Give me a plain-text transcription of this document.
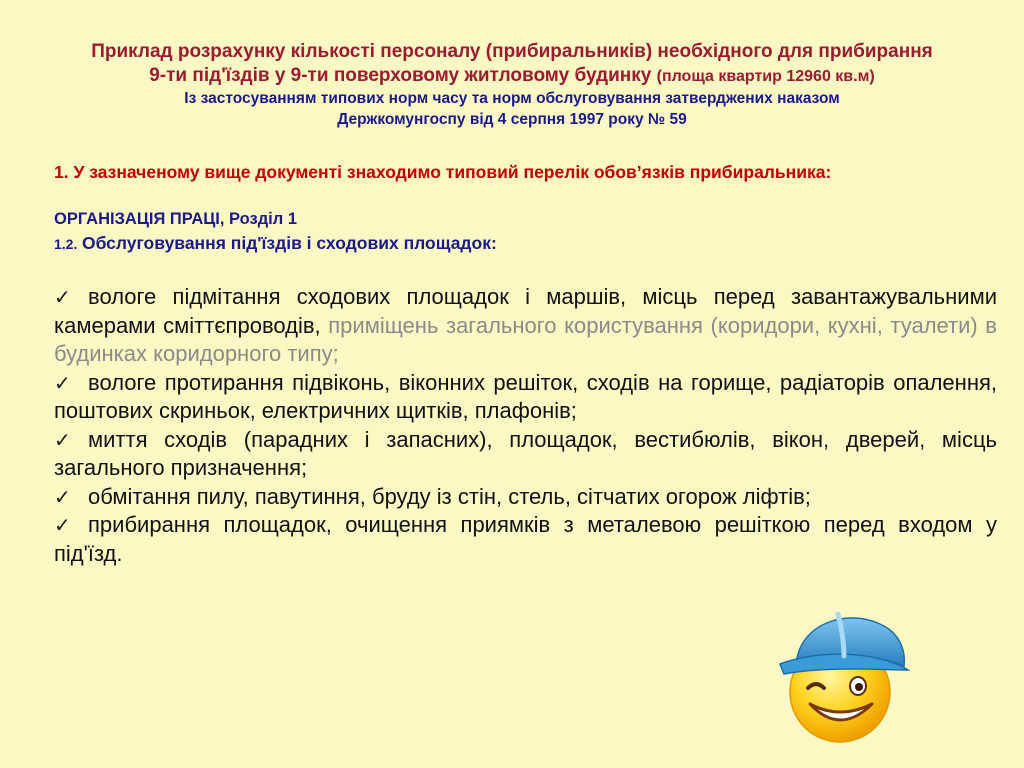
Приклад розрахунку кількості персоналу (прибиральників) необхідного для прибирання
9-ти під'їздів у 9-ти поверховому житловому будинку (площа квартир 12960 кв.м)
Із застосуванням типових норм часу та норм обслуговування затверджених наказом
Держкомунгоспу від 4 серпня 1997 року № 59
1. У зазначеному вище документі знаходимо типовий перелік обов’язків прибиральника:
ОРГАНІЗАЦІЯ ПРАЦІ, Розділ 1
1.2. Обслуговування під'їздів і сходових площадок:
✓ вологе підмітання сходових площадок і маршів, місць перед завантажувальними камерами сміттєпроводів, приміщень загального користування (коридори, кухні, туалети) в будинках коридорного типу;
✓ вологе протирання підвіконь, віконних решіток, сходів на горище, радіаторів опалення, поштових скриньок, електричних щитків, плафонів;
✓ миття сходів (парадних і запасних), площадок, вестибюлів, вікон, дверей, місць загального призначення;
✓ обмітання пилу, павутиння, бруду із стін, стель, сітчатих огорож ліфтів;
✓ прибирання площадок, очищення приямків з металевою решіткою перед входом у під'їзд.
